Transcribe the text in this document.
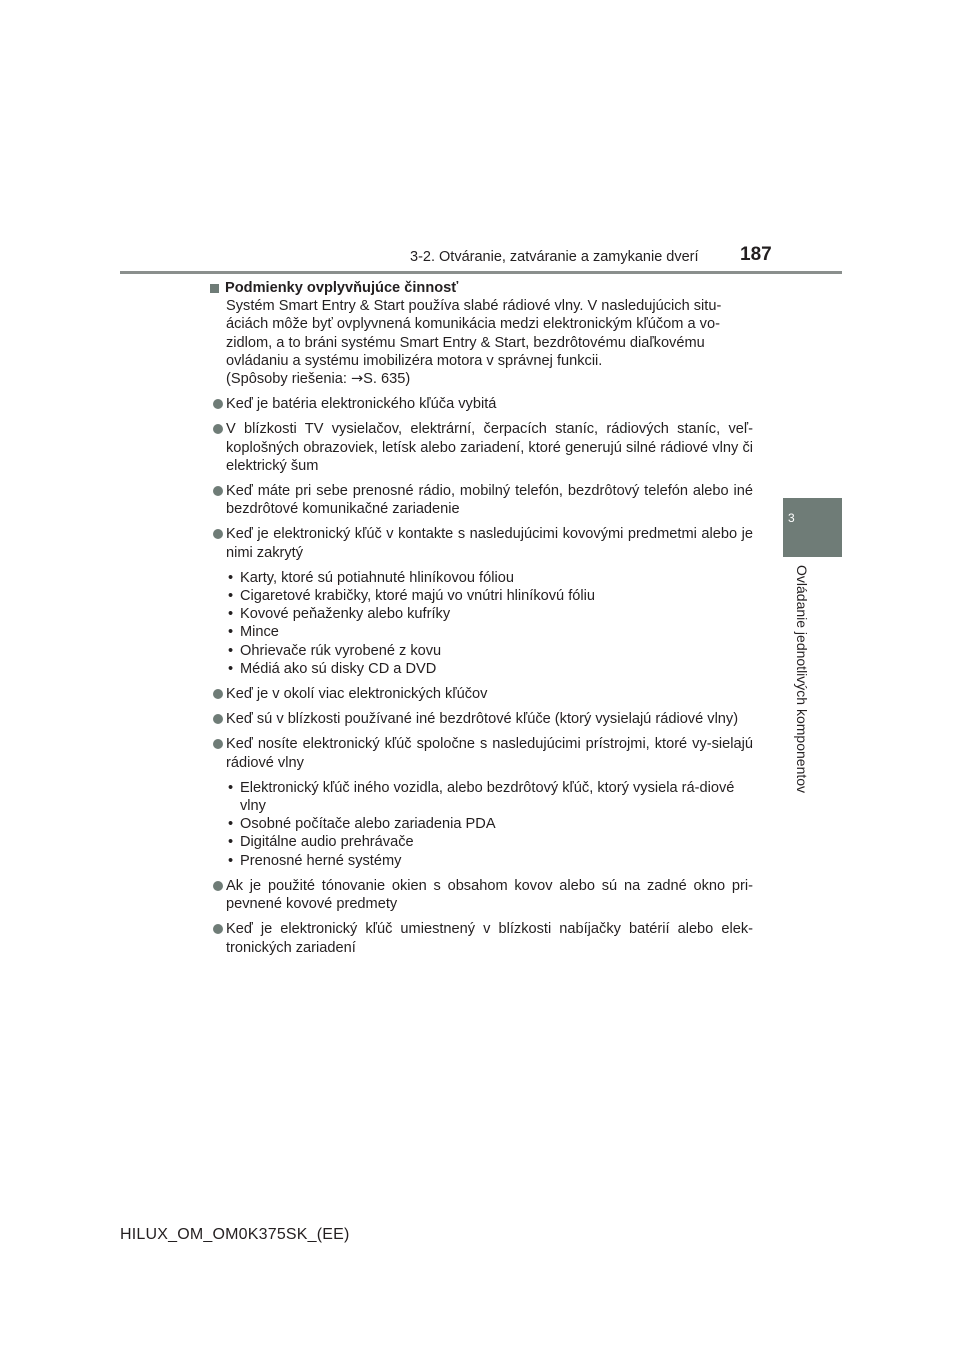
3-2. Otváranie, zatváranie a zamykanie dverí 187
3
Ovládanie jednotlivých komponentov
Podmienky ovplyvňujúce činnosť
Systém Smart Entry & Start používa slabé rádiové vlny. V nasledujúcich situ-
áciách môže byť ovplyvnená komunikácia medzi elektronickým kľúčom a vo-
zidlom, a to bráni systému Smart Entry & Start, bezdrôtovému diaľkovému
ovládaniu a systému imobilizéra motora v správnej funkcii.
(Spôsoby riešenia: →S. 635)
Keď je batéria elektronického kľúča vybitá
V blízkosti TV vysielačov, elektrární, čerpacích staníc, rádiových staníc, veľ-koplošných obrazoviek, letísk alebo zariadení, ktoré generujú silné rádiové vlny či elektrický šum
Keď máte pri sebe prenosné rádio, mobilný telefón, bezdrôtový telefón alebo iné bezdrôtové komunikačné zariadenie
Keď je elektronický kľúč v kontakte s nasledujúcimi kovovými predmetmi alebo je nimi zakrytý
• Karty, ktoré sú potiahnuté hliníkovou fóliou
• Cigaretové krabičky, ktoré majú vo vnútri hliníkovú fóliu
• Kovové peňaženky alebo kufríky
• Mince
• Ohrievače rúk vyrobené z kovu
• Médiá ako sú disky CD a DVD
Keď je v okolí viac elektronických kľúčov
Keď sú v blízkosti používané iné bezdrôtové kľúče (ktorý vysielajú rádiové vlny)
Keď nosíte elektronický kľúč spoločne s nasledujúcimi prístrojmi, ktoré vy-sielajú rádiové vlny
• Elektronický kľúč iného vozidla, alebo bezdrôtový kľúč, ktorý vysiela rá-diové vlny
• Osobné počítače alebo zariadenia PDA
• Digitálne audio prehrávače
• Prenosné herné systémy
Ak je použité tónovanie okien s obsahom kovov alebo sú na zadné okno pri-pevnené kovové predmety
Keď je elektronický kľúč umiestnený v blízkosti nabíjačky batérií alebo elek-tronických zariadení
HILUX_OM_OM0K375SK_(EE)
